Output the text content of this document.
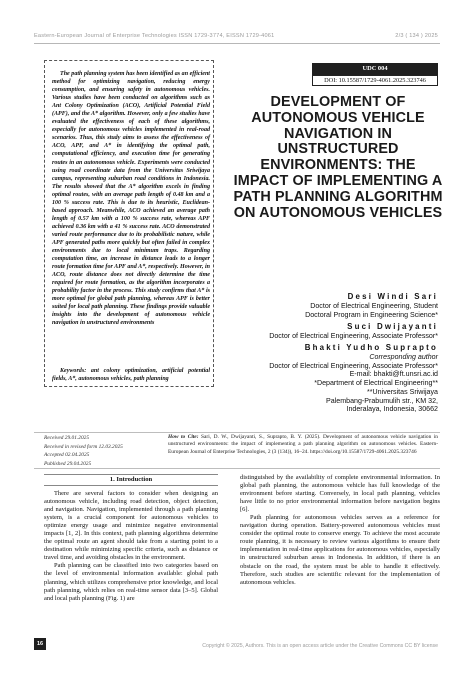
Eastern-European Journal of Enterprise Technologies ISSN 1729-3774, EISSN 1729-4061	2/3 ( 134 ) 2025
The path planning system has been identified as an efficient method for optimizing navigation, reducing energy consumption, and ensuring safety in autonomous vehicles. Various studies have been conducted on algorithms such as Ant Colony Optimization (ACO), Artificial Potential Field (APF), and the A* algorithm. However, only a few studies have evaluated the effectiveness of each of these algorithms, especially for autonomous vehicles implemented in real-road scenarios. Thus, this study aims to assess the effectiveness of ACO, APF, and A* in identifying the optimal path, computational efficiency, and execution time for generating routes in an autonomous vehicle. Experiments were conducted using road coordinate data from the Universitas Sriwijaya campus, representing suburban road conditions in Indonesia. The results showed that the A* algorithm excels in finding optimal routes, with an average path length of 0.48 km and a 100 % success rate. This is due to its heuristic, Euclidean-based approach. Meanwhile, ACO achieved an average path length of 0.57 km with a 100 % success rate, whereas APF achieved 0.36 km with a 41 % success rate. ACO demonstrated varied route performance due to its probabilistic nature, while APF generated paths more quickly but often failed in complex environments due to local minimum traps. Regarding computation time, an increase in distance leads to a longer route formation time for APF and A*, respectively. However, in ACO, route distance does not directly determine the time required for route formation, as the algorithm incorporates a probability factor in the process. This study confirms that A* is more optimal for global path planning, whereas APF is better suited for local path planning. These findings provide valuable insights into the development of autonomous vehicle navigation in unstructured environments
Keywords: ant colony optimization, artificial potential fields, A*, autonomous vehicles, path planning
UDC 004
DOI: 10.15587/1729-4061.2025.323746
DEVELOPMENT OF AUTONOMOUS VEHICLE NAVIGATION IN UNSTRUCTURED ENVIRONMENTS: THE IMPACT OF IMPLEMENTING A PATH PLANNING ALGORITHM ON AUTONOMOUS VEHICLES
Desi Windi Sari
Doctor of Electrical Engineering, Student
Doctoral Program in Engineering Science*
Suci Dwijayanti
Doctor of Electrical Engineering, Associate Professor*
Bhakti Yudho Suprapto
Corresponding author
Doctor of Electrical Engineering, Associate Professor*
E-mail: bhakti@ft.unsri.ac.id
*Department of Electrical Engineering**
**Universitas Sriwijaya
Palembang-Prabumulih str., KM 32,
Inderalaya, Indonesia, 30662
Received 29.01.2025
Received in revised form 12.03.2025
Accepted 02.04.2025
Published 29.04.2025
How to Cite: Sari, D. W., Dwijayanti, S., Suprapto, B. Y. (2025). Development of autonomous vehicle navigation in unstructured environments: the impact of implementing a path planning algorithm on autonomous vehicles. Eastern-European Journal of Enterprise Technologies, 2 (3 (134)), 16–24. https://doi.org/10.15587/1729-4061.2025.323746
1. Introduction

There are several factors to consider when designing an autonomous vehicle, including road detection, object detection, and navigation. Navigation, implemented through a path planning system, is a crucial component for autonomous vehicles to optimize energy usage and minimize negative environmental impacts [1, 2]. In this context, path planning algorithms determine the optimal route an agent should take from a starting point to a destination while minimizing specific criteria, such as distance or travel time, and avoiding obstacles in the environment.

Path planning can be classified into two categories based on the level of environmental information available: global path planning, which utilizes comprehensive prior knowledge, and local path planning, which relies on real-time sensor data [3–5]. Global and local path planning (Fig. 1) are

distinguished by the availability of complete environmental information. In global path planning, the autonomous vehicle has full knowledge of the environment before starting. Conversely, in local path planning, vehicles have little to no prior environmental information before navigation begins [6].

Path planning for autonomous vehicles serves as a reference for navigation during operation. Battery-powered autonomous vehicles must consider the optimal route to conserve energy. To achieve the most accurate route planning, it is necessary to review various algorithms to ensure their implementation in real-time applications for autonomous vehicles, especially in unstructured suburban areas in Indonesia. In addition, if there is an obstacle on the road, the system must be able to handle it effectively. Therefore, such studies are scientific relevant for the implementation of autonomous vehicles.

16	Copyright © 2025, Authors. This is an open access article under the Creative Commons CC BY license
